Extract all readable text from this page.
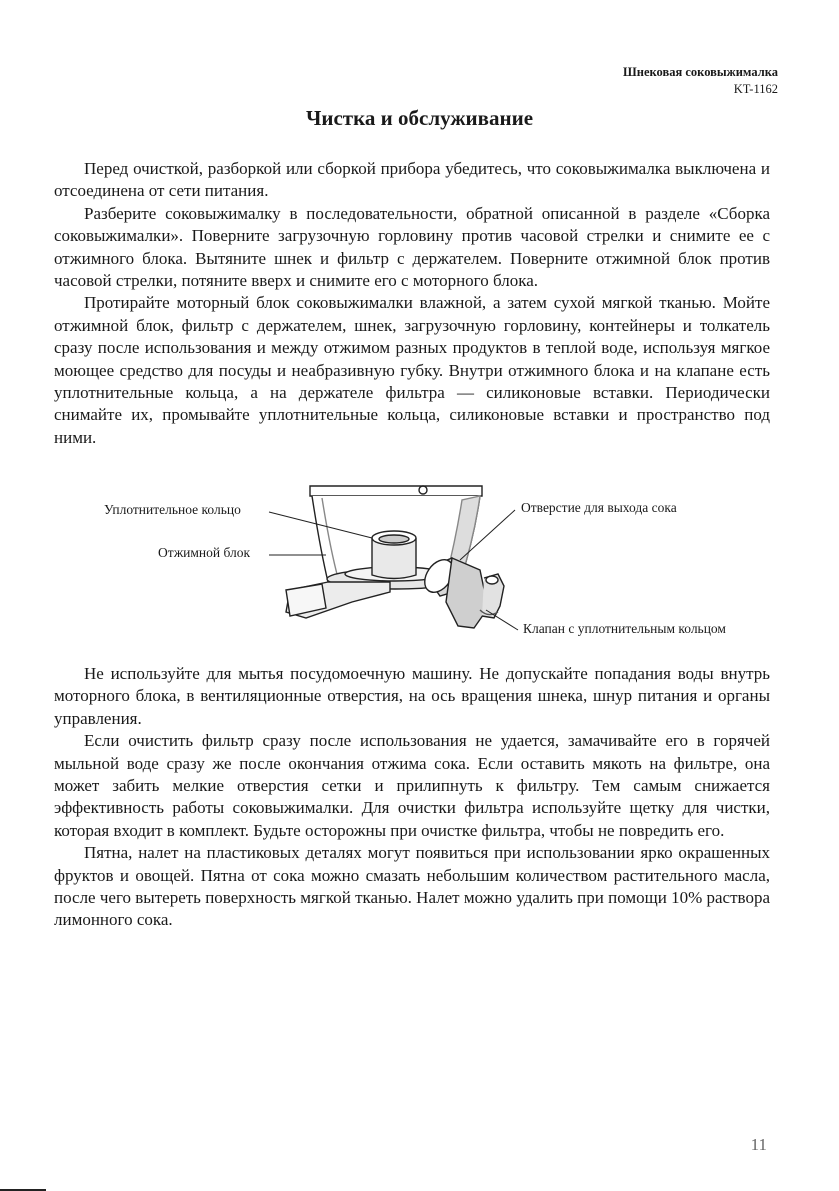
Шнековая соковыжималка
KT-1162
Чистка и обслуживание

Перед очисткой, разборкой или сборкой прибора убедитесь, что соковыжималка выключена и отсоединена от сети питания.

Разберите соковыжималку в последовательности, обратной описанной в разделе «Сборка соковыжималки». Поверните загрузочную горловину против часовой стрелки и снимите ее с отжимного блока. Вытяните шнек и фильтр с держателем. Поверните отжимной блок против часовой стрелки, потяните вверх и снимите его с моторного блока.

Протирайте моторный блок соковыжималки влажной, а затем сухой мягкой тканью. Мойте отжимной блок, фильтр с держателем, шнек, загрузочную горловину, контейнеры и толкатель сразу после использования и между отжимом разных продуктов в теплой воде, используя мягкое моющее средство для посуды и неабразивную губку. Внутри отжимного блока и на клапане есть уплотнительные кольца, а на держателе фильтра — силиконовые вставки. Периодически снимайте их, промывайте уплотнительные кольца, силиконовые вставки и пространство под ними.

Уплотнительное кольцо
Отжимной блок
Отверстие для выхода сока
Клапан с уплотнительным кольцом

Не используйте для мытья посудомоечную машину. Не допускайте попадания воды внутрь моторного блока, в вентиляционные отверстия, на ось вращения шнека, шнур питания и органы управления.

Если очистить фильтр сразу после использования не удается, замачивайте его в горячей мыльной воде сразу же после окончания отжима сока. Если оставить мякоть на фильтре, она может забить мелкие отверстия сетки и прилипнуть к фильтру. Тем самым снижается эффективность работы соковыжималки. Для очистки фильтра используйте щетку для чистки, которая входит в комплект. Будьте осторожны при очистке фильтра, чтобы не повредить его.

Пятна, налет на пластиковых деталях могут появиться при использовании ярко окрашенных фруктов и овощей. Пятна от сока можно смазать небольшим количеством растительного масла, после чего вытереть поверхность мягкой тканью. Налет можно удалить при помощи 10% раствора лимонного сока.

11
